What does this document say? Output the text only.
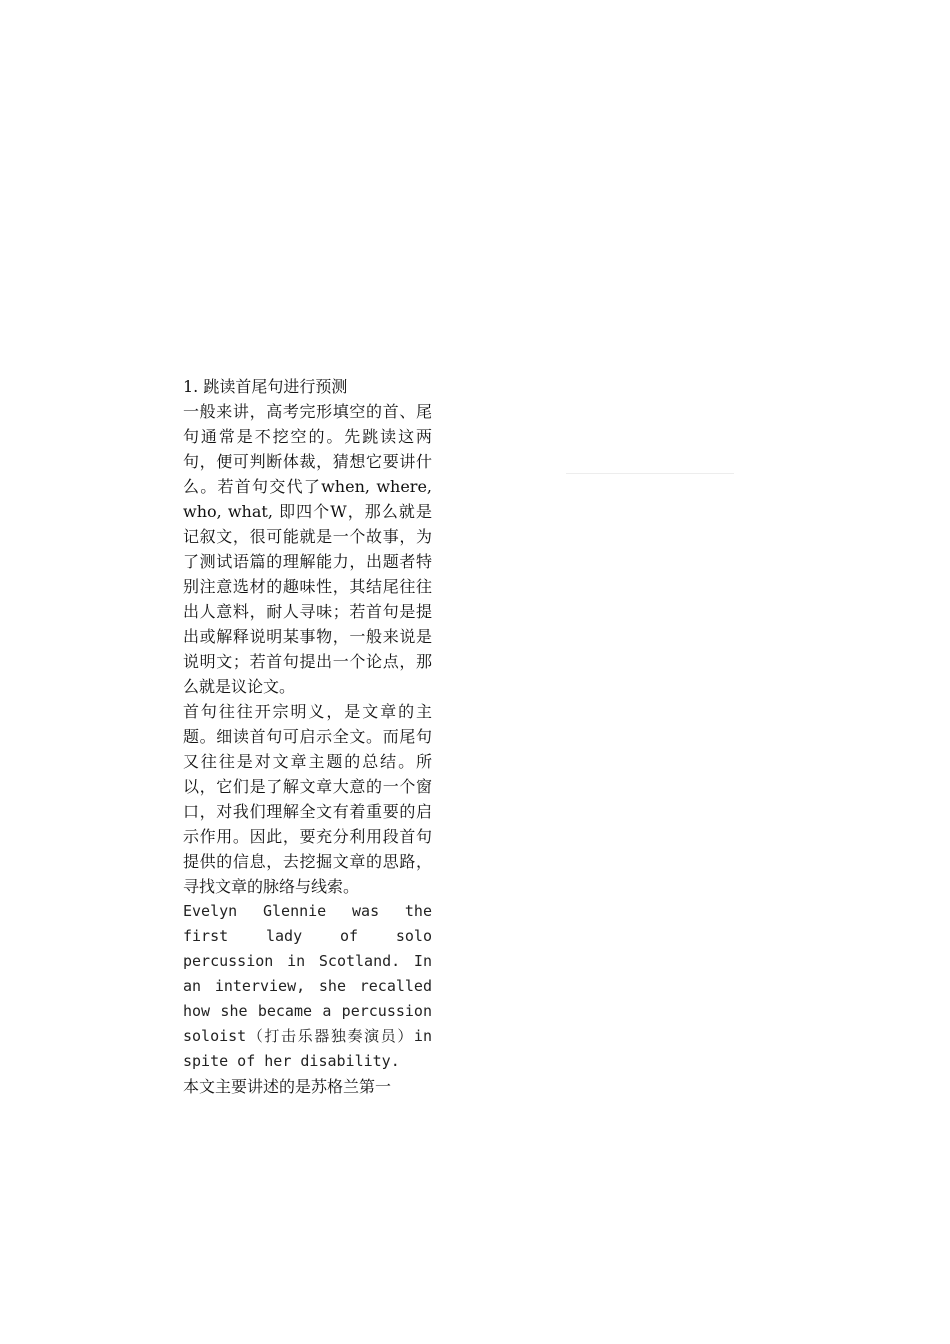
1. 跳读首尾句进行预测

一般来讲，高考完形填空的首、尾句通常是不挖空的。先跳读这两句，便可判断体裁，猜想它要讲什么。若首句交代了when, where, who, what, 即四个W，那么就是记叙文，很可能就是一个故事，为了测试语篇的理解能力，出题者特别注意选材的趣味性，其结尾往往出人意料，耐人寻味；若首句是提出或解释说明某事物，一般来说是说明文；若首句提出一个论点，那么就是议论文。

首句往往开宗明义，是文章的主题。细读首句可启示全文。而尾句又往往是对文章主题的总结。所以，它们是了解文章大意的一个窗口，对我们理解全文有着重要的启示作用。因此，要充分利用段首句提供的信息，去挖掘文章的思路，寻找文章的脉络与线索。

Evelyn Glennie was the first lady of solo percussion in Scotland. In an interview, she recalled how she became a percussion soloist（打击乐器独奏演员）in spite of her disability.

本文主要讲述的是苏格兰第一
